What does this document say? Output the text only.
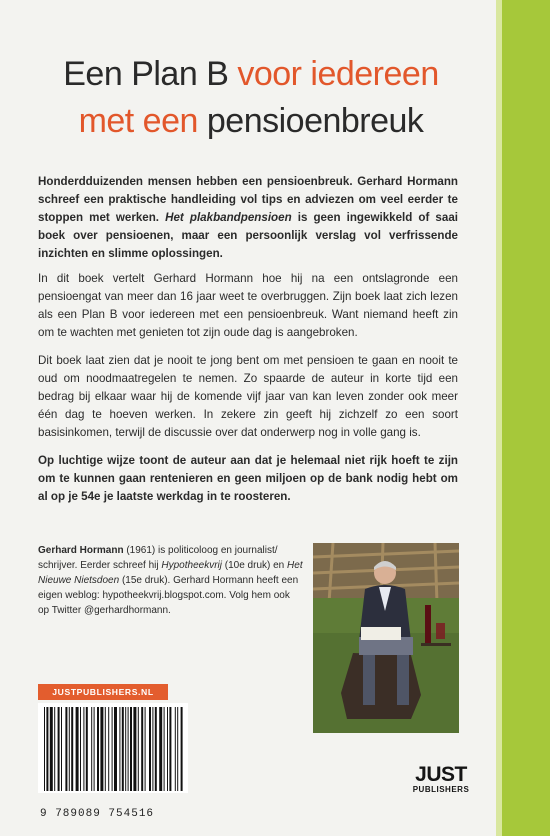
Een Plan B voor iedereen
met een pensioenbreuk

Honderdduizenden mensen hebben een pensioenbreuk. Gerhard Hormann schreef een praktische handleiding vol tips en adviezen om veel eerder te stoppen met werken. Het plakbandpensioen is geen ingewikkeld of saai boek over pensioenen, maar een persoonlijk verslag vol verfrissende inzichten en slimme oplossingen.

In dit boek vertelt Gerhard Hormann hoe hij na een ontslagronde een pensioengat van meer dan 16 jaar weet te overbruggen. Zijn boek laat zich lezen als een Plan B voor iedereen met een pensioenbreuk. Want niemand heeft zin om te wachten met genieten tot zijn oude dag is aangebroken.

Dit boek laat zien dat je nooit te jong bent om met pensioen te gaan en nooit te oud om noodmaatregelen te nemen. Zo spaarde de auteur in korte tijd een bedrag bij elkaar waar hij de komende vijf jaar van kan leven zonder ook meer één dag te hoeven werken. In zekere zin geeft hij zichzelf zo een soort basisinkomen, terwijl de discussie over dat onderwerp nog in volle gang is.

Op luchtige wijze toont de auteur aan dat je helemaal niet rijk hoeft te zijn om te kunnen gaan rentenieren en geen miljoen op de bank nodig hebt om al op je 54e je laatste werkdag in te roosteren.

Gerhard Hormann (1961) is politicoloog en journalist/ schrijver. Eerder schreef hij Hypotheekvrij (10e druk) en Het Nieuwe Nietsdoen (15e druk). Gerhard Hormann heeft een eigen weblog: hypotheekvrij.blogspot.com. Volg hem ook op Twitter @gerhardhormann.
JUSTPUBLISHERS.NL
9 789089 754516
JUST
PUBLISHERS
